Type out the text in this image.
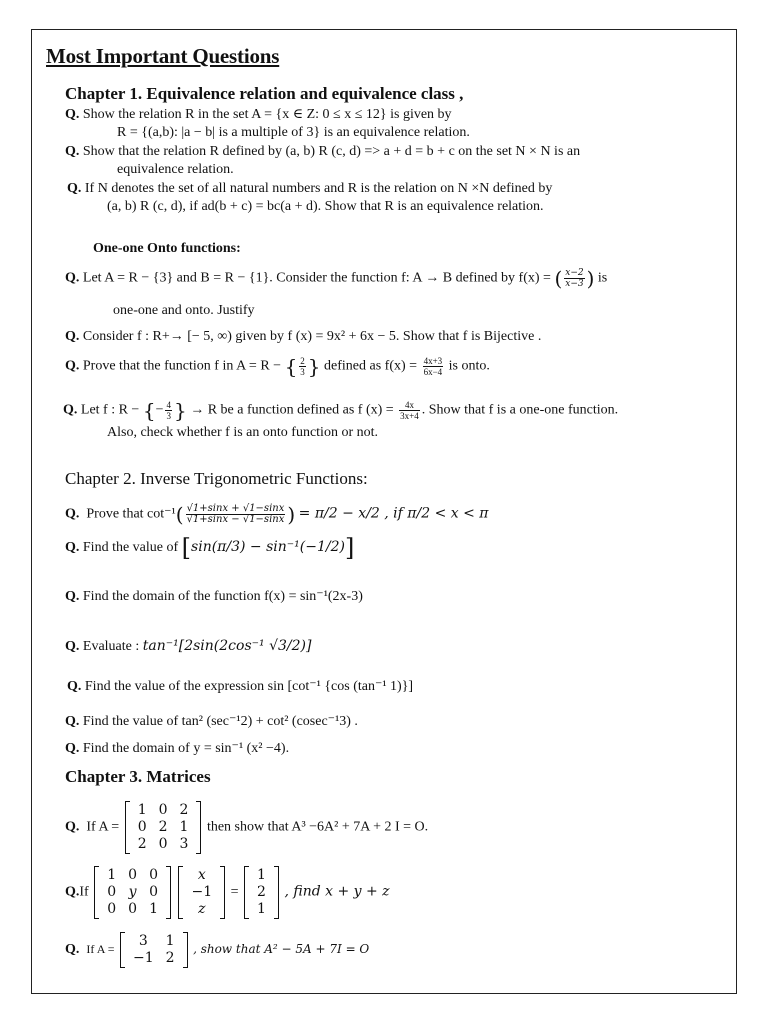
Most Important Questions
Chapter 1. Equivalence relation and equivalence class ,
Q. Show the relation R in the set A = {x ∈ Z: 0 ≤ x ≤ 12} is given by
R = {(a,b): |a − b| is a multiple of 3} is an equivalence relation.
Q. Show that the relation R defined by (a, b) R (c, d) => a + d = b + c on the set N × N is an
equivalence relation.
Q. If N denotes the set of all natural numbers and R is the relation on N ×N defined by
(a, b) R (c, d), if ad(b + c) = bc(a + d). Show that R is an equivalence relation.
One-one Onto functions:
Q. Let A = R − {3} and B = R − {1}. Consider the function f: A → B defined by f(x) = ( $\frac{x-2}{x-3}$ ) is
one-one and onto. Justify
Q. Consider f : R+→ [− 5, ∞) given by f (x) = 9x² + 6x − 5. Show that f is Bijective .
Q. Prove that the function f in A = R − { $\frac{2}{3}$ } defined as $f(x) = \frac{4x+3}{6x-4}$ is onto.
Q. Let f : R − {− $\frac{4}{3}$ } → R be a function defined as f $(x) = \frac{4x}{3x+4}$ . Show that f is a one-one function.
Also, check whether f is an onto function or not.
Chapter 2. Inverse Trigonometric Functions:
Q. Prove that $\cot^{-1}( \frac{√1+\sin x + √1-\sin x}{√1+\sin x - √1-\sin x}$ ) = π/2 − x/2 , if π/2 < x < π
Q. Find the value of [sin(π/3) − sin⁻¹(−1/2)]
Q. Find the domain of the function f(x) = sin⁻¹(2x-3)
Q. Evaluate : tan⁻¹[2sin(2cos⁻¹ √3/2)]
Q. Find the value of the expression sin [cot⁻¹ {cos (tan⁻¹ 1)}]
Q. Find the value of tan² (sec⁻¹2) + cot² (cosec⁻¹3) .
Q. Find the domain of y = sin⁻¹ (x² −4).
Chapter 3. Matrices
Q. If A =
1	0	2
0	2	1
2	0	3
then show that A³ −6A² + 7A + 2 I = O.
Q.If
1	0	0
0	y	0
0	0	1

x
−1
z
=
1
2
1
, find x + y + z
Q. If A =
3	1
−1	2
, show that A² − 5A + 7I = O
